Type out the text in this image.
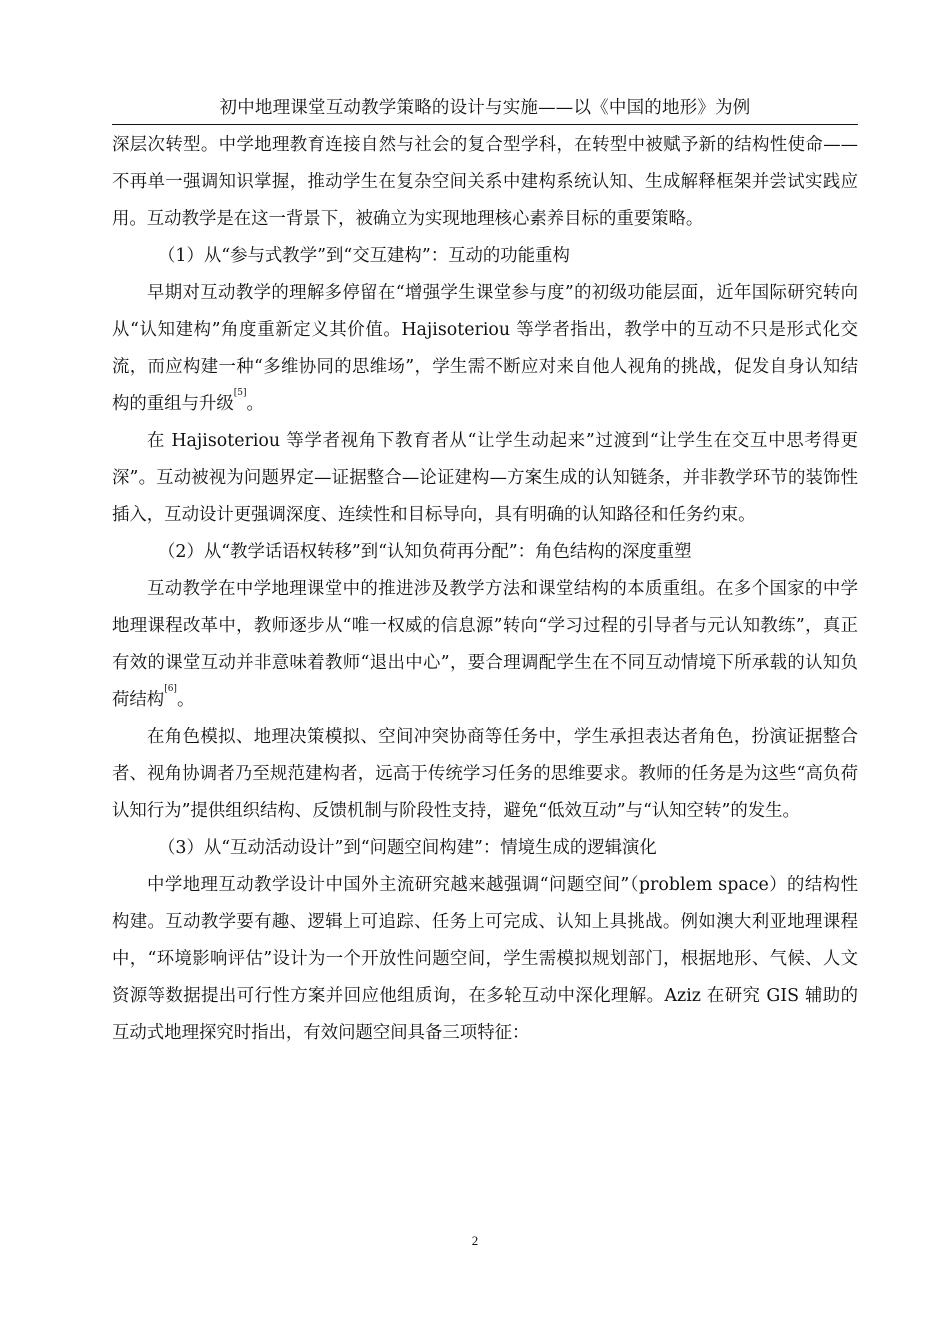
初中地理课堂互动教学策略的设计与实施——以《中国的地形》为例

深层次转型。中学地理教育连接自然与社会的复合型学科，在转型中被赋予新的结构性使命——不再单一强调知识掌握，推动学生在复杂空间关系中建构系统认知、生成解释框架并尝试实践应用。互动教学是在这一背景下，被确立为实现地理核心素养目标的重要策略。

（1）从“参与式教学”到“交互建构”：互动的功能重构

早期对互动教学的理解多停留在“增强学生课堂参与度”的初级功能层面，近年国际研究转向从“认知建构”角度重新定义其价值。Hajisoteriou 等学者指出，教学中的互动不只是形式化交流，而应构建一种“多维协同的思维场”，学生需不断应对来自他人视角的挑战，促发自身认知结构的重组与升级[5]。

在 Hajisoteriou 等学者视角下教育者从“让学生动起来”过渡到“让学生在交互中思考得更深”。互动被视为问题界定—证据整合—论证建构—方案生成的认知链条，并非教学环节的装饰性插入，互动设计更强调深度、连续性和目标导向，具有明确的认知路径和任务约束。

（2）从“教学话语权转移”到“认知负荷再分配”：角色结构的深度重塑

互动教学在中学地理课堂中的推进涉及教学方法和课堂结构的本质重组。在多个国家的中学地理课程改革中，教师逐步从“唯一权威的信息源”转向“学习过程的引导者与元认知教练”，真正有效的课堂互动并非意味着教师“退出中心”，要合理调配学生在不同互动情境下所承载的认知负荷结构[6]。

在角色模拟、地理决策模拟、空间冲突协商等任务中，学生承担表达者角色，扮演证据整合者、视角协调者乃至规范建构者，远高于传统学习任务的思维要求。教师的任务是为这些“高负荷认知行为”提供组织结构、反馈机制与阶段性支持，避免“低效互动”与“认知空转”的发生。

（3）从“互动活动设计”到“问题空间构建”：情境生成的逻辑演化

中学地理互动教学设计中国外主流研究越来越强调“问题空间”（problem space）的结构性构建。互动教学要有趣、逻辑上可追踪、任务上可完成、认知上具挑战。例如澳大利亚地理课程中，“环境影响评估”设计为一个开放性问题空间，学生需模拟规划部门，根据地形、气候、人文资源等数据提出可行性方案并回应他组质询，在多轮互动中深化理解。Aziz 在研究 GIS 辅助的互动式地理探究时指出，有效问题空间具备三项特征：

2
